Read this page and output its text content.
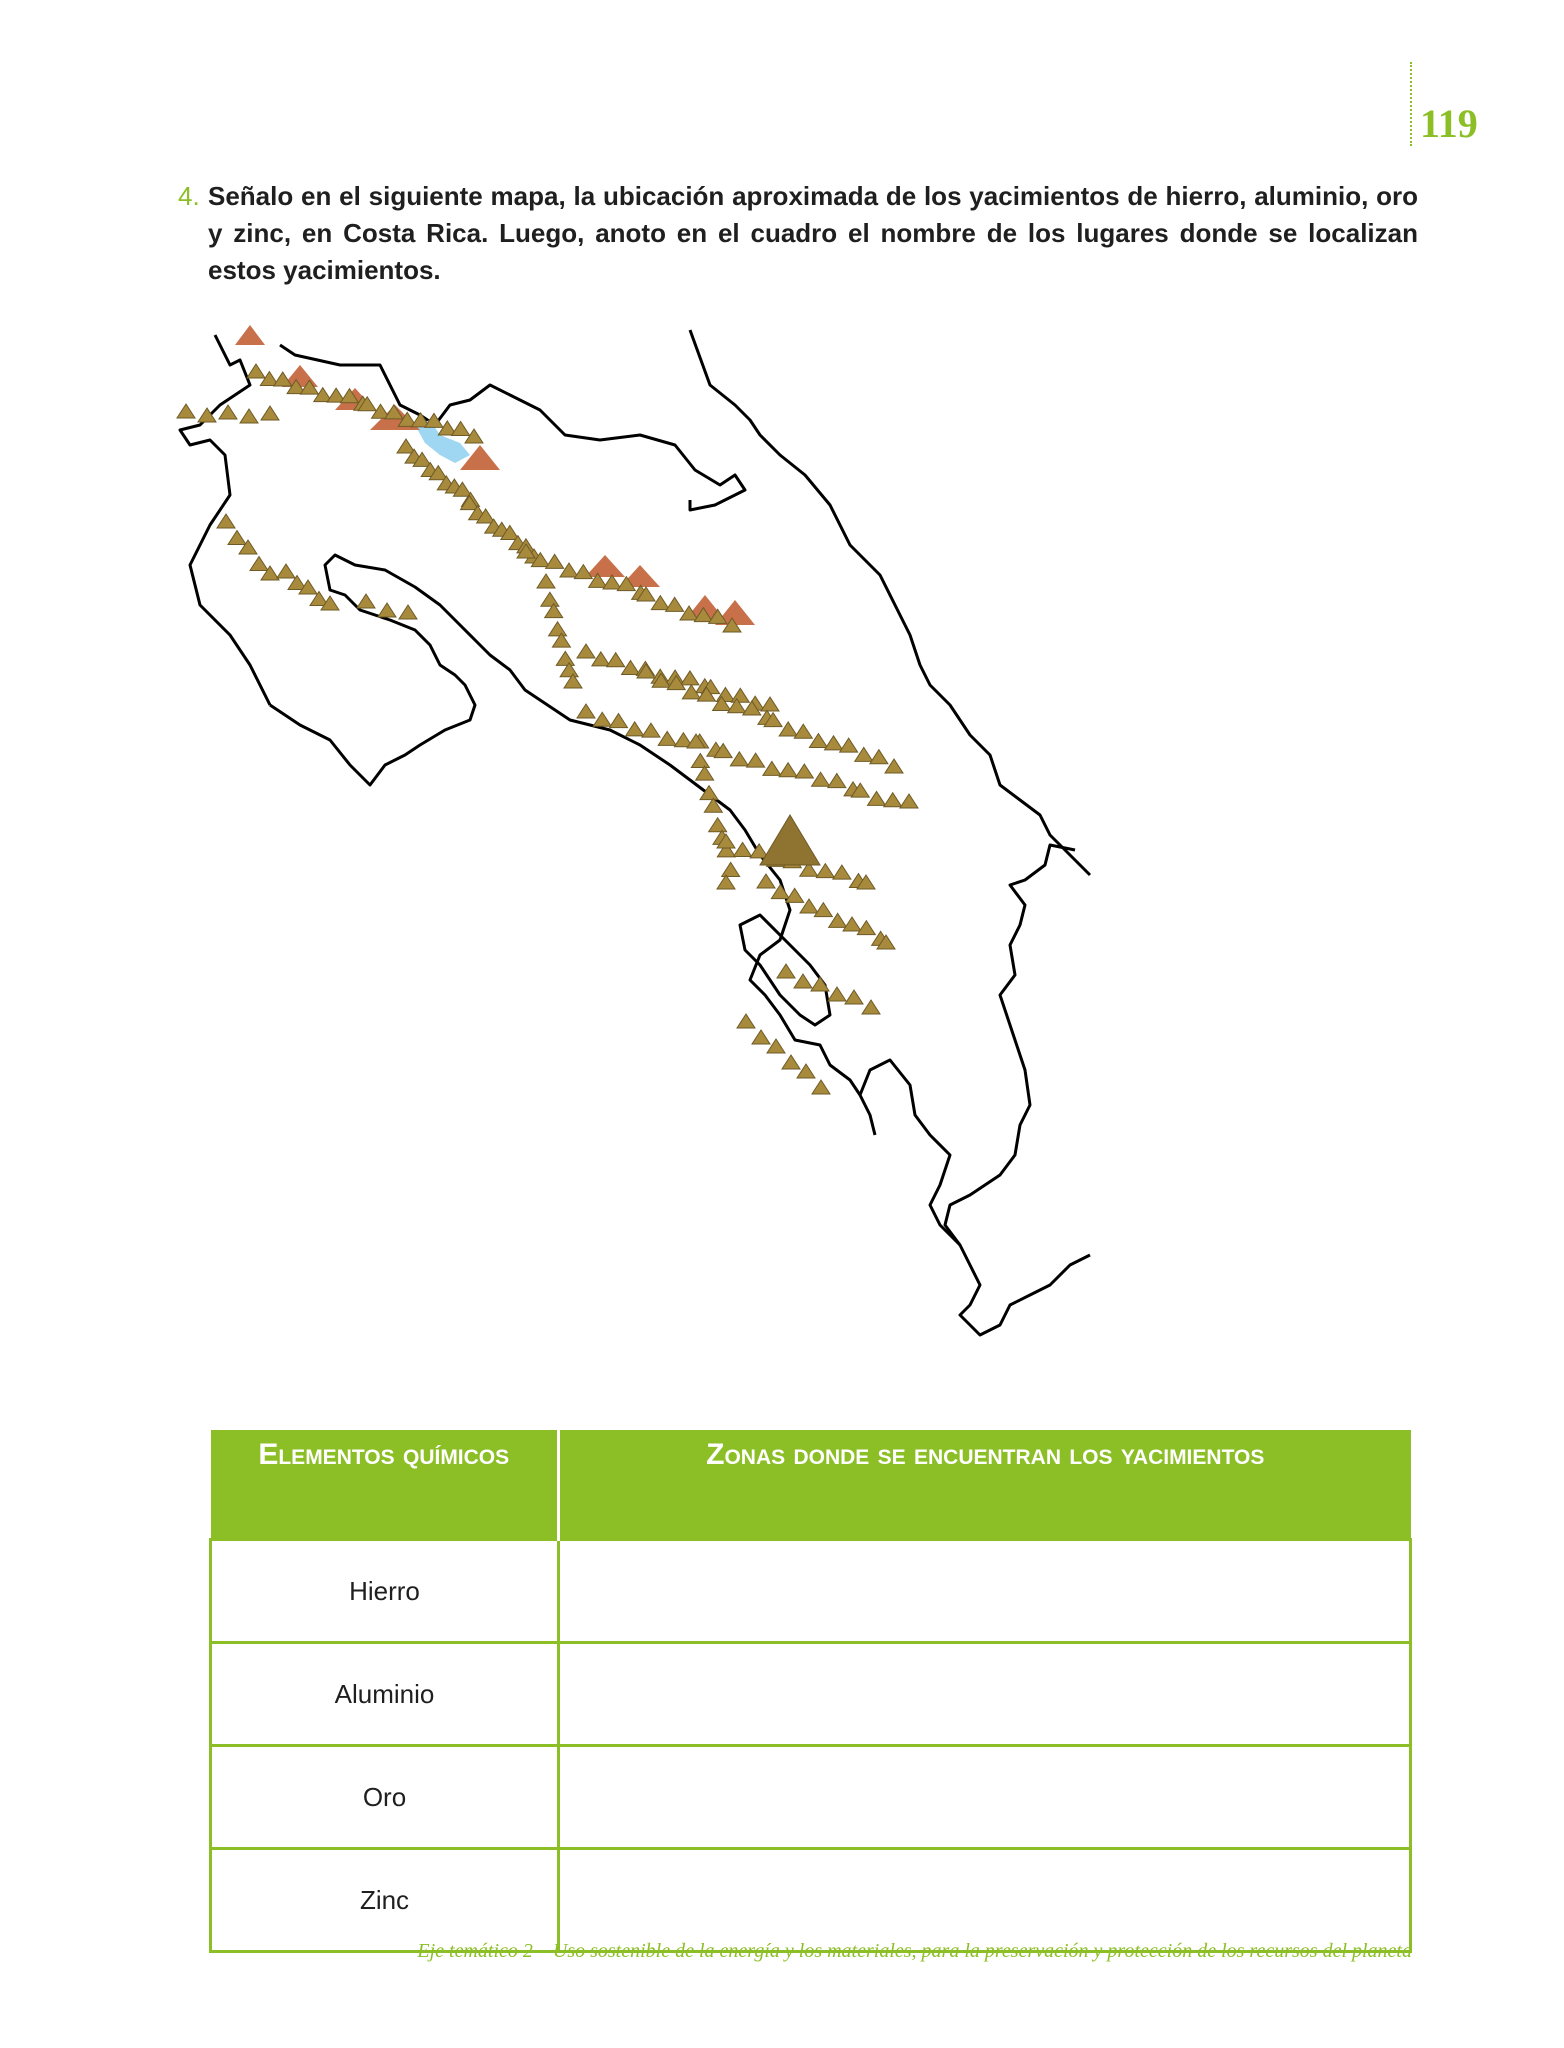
119
4. Señalo en el siguiente mapa, la ubicación aproximada de los yacimientos de hierro, aluminio, oro y zinc, en Costa Rica. Luego, anoto en el cuadro el nombre de los lugares donde se localizan estos yacimientos.
Elementos químicos	Zonas donde se encuentran los yacimientos
Hierro	
Aluminio	
Oro	
Zinc	
Eje temático 2 – Uso sostenible de la energía y los materiales, para la preservación y protección de los recursos del planeta
